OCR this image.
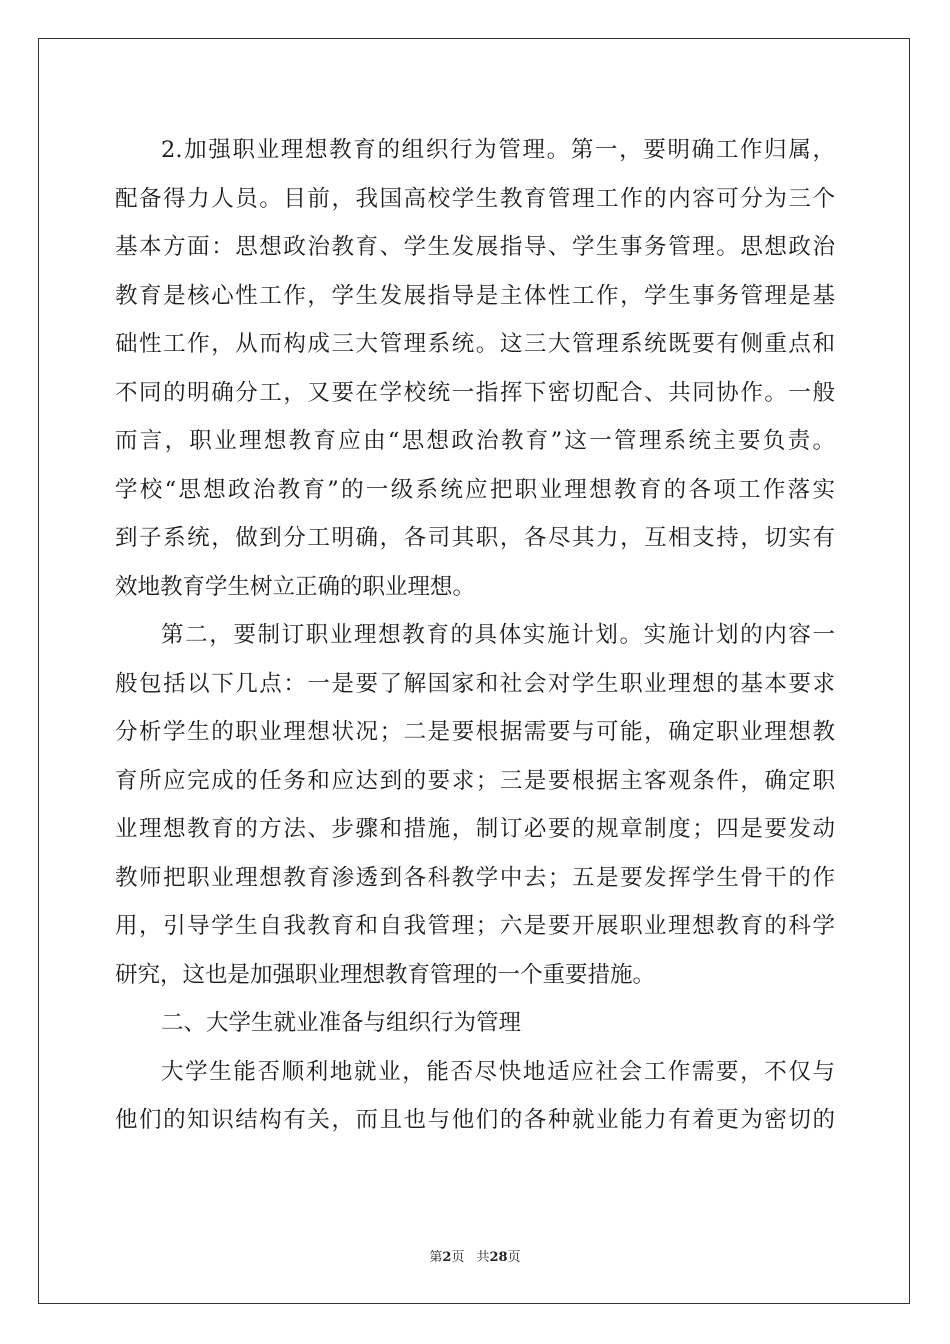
2.加强职业理想教育的组织行为管理。第一，要明确工作归属，
配备得力人员。目前，我国高校学生教育管理工作的内容可分为三个
基本方面：思想政治教育、学生发展指导、学生事务管理。思想政治
教育是核心性工作，学生发展指导是主体性工作，学生事务管理是基
础性工作，从而构成三大管理系统。这三大管理系统既要有侧重点和
不同的明确分工，又要在学校统一指挥下密切配合、共同协作。一般
而言，职业理想教育应由“思想政治教育”这一管理系统主要负责。
学校“思想政治教育”的一级系统应把职业理想教育的各项工作落实
到子系统，做到分工明确，各司其职，各尽其力，互相支持，切实有
效地教育学生树立正确的职业理想。
第二，要制订职业理想教育的具体实施计划。实施计划的内容一
般包括以下几点：一是要了解国家和社会对学生职业理想的基本要求
分析学生的职业理想状况；二是要根据需要与可能，确定职业理想教
育所应完成的任务和应达到的要求；三是要根据主客观条件，确定职
业理想教育的方法、步骤和措施，制订必要的规章制度；四是要发动
教师把职业理想教育渗透到各科教学中去；五是要发挥学生骨干的作
用，引导学生自我教育和自我管理；六是要开展职业理想教育的科学
研究，这也是加强职业理想教育管理的一个重要措施。
二、大学生就业准备与组织行为管理
大学生能否顺利地就业，能否尽快地适应社会工作需要，不仅与
他们的知识结构有关，而且也与他们的各种就业能力有着更为密切的
第2页 共28页
